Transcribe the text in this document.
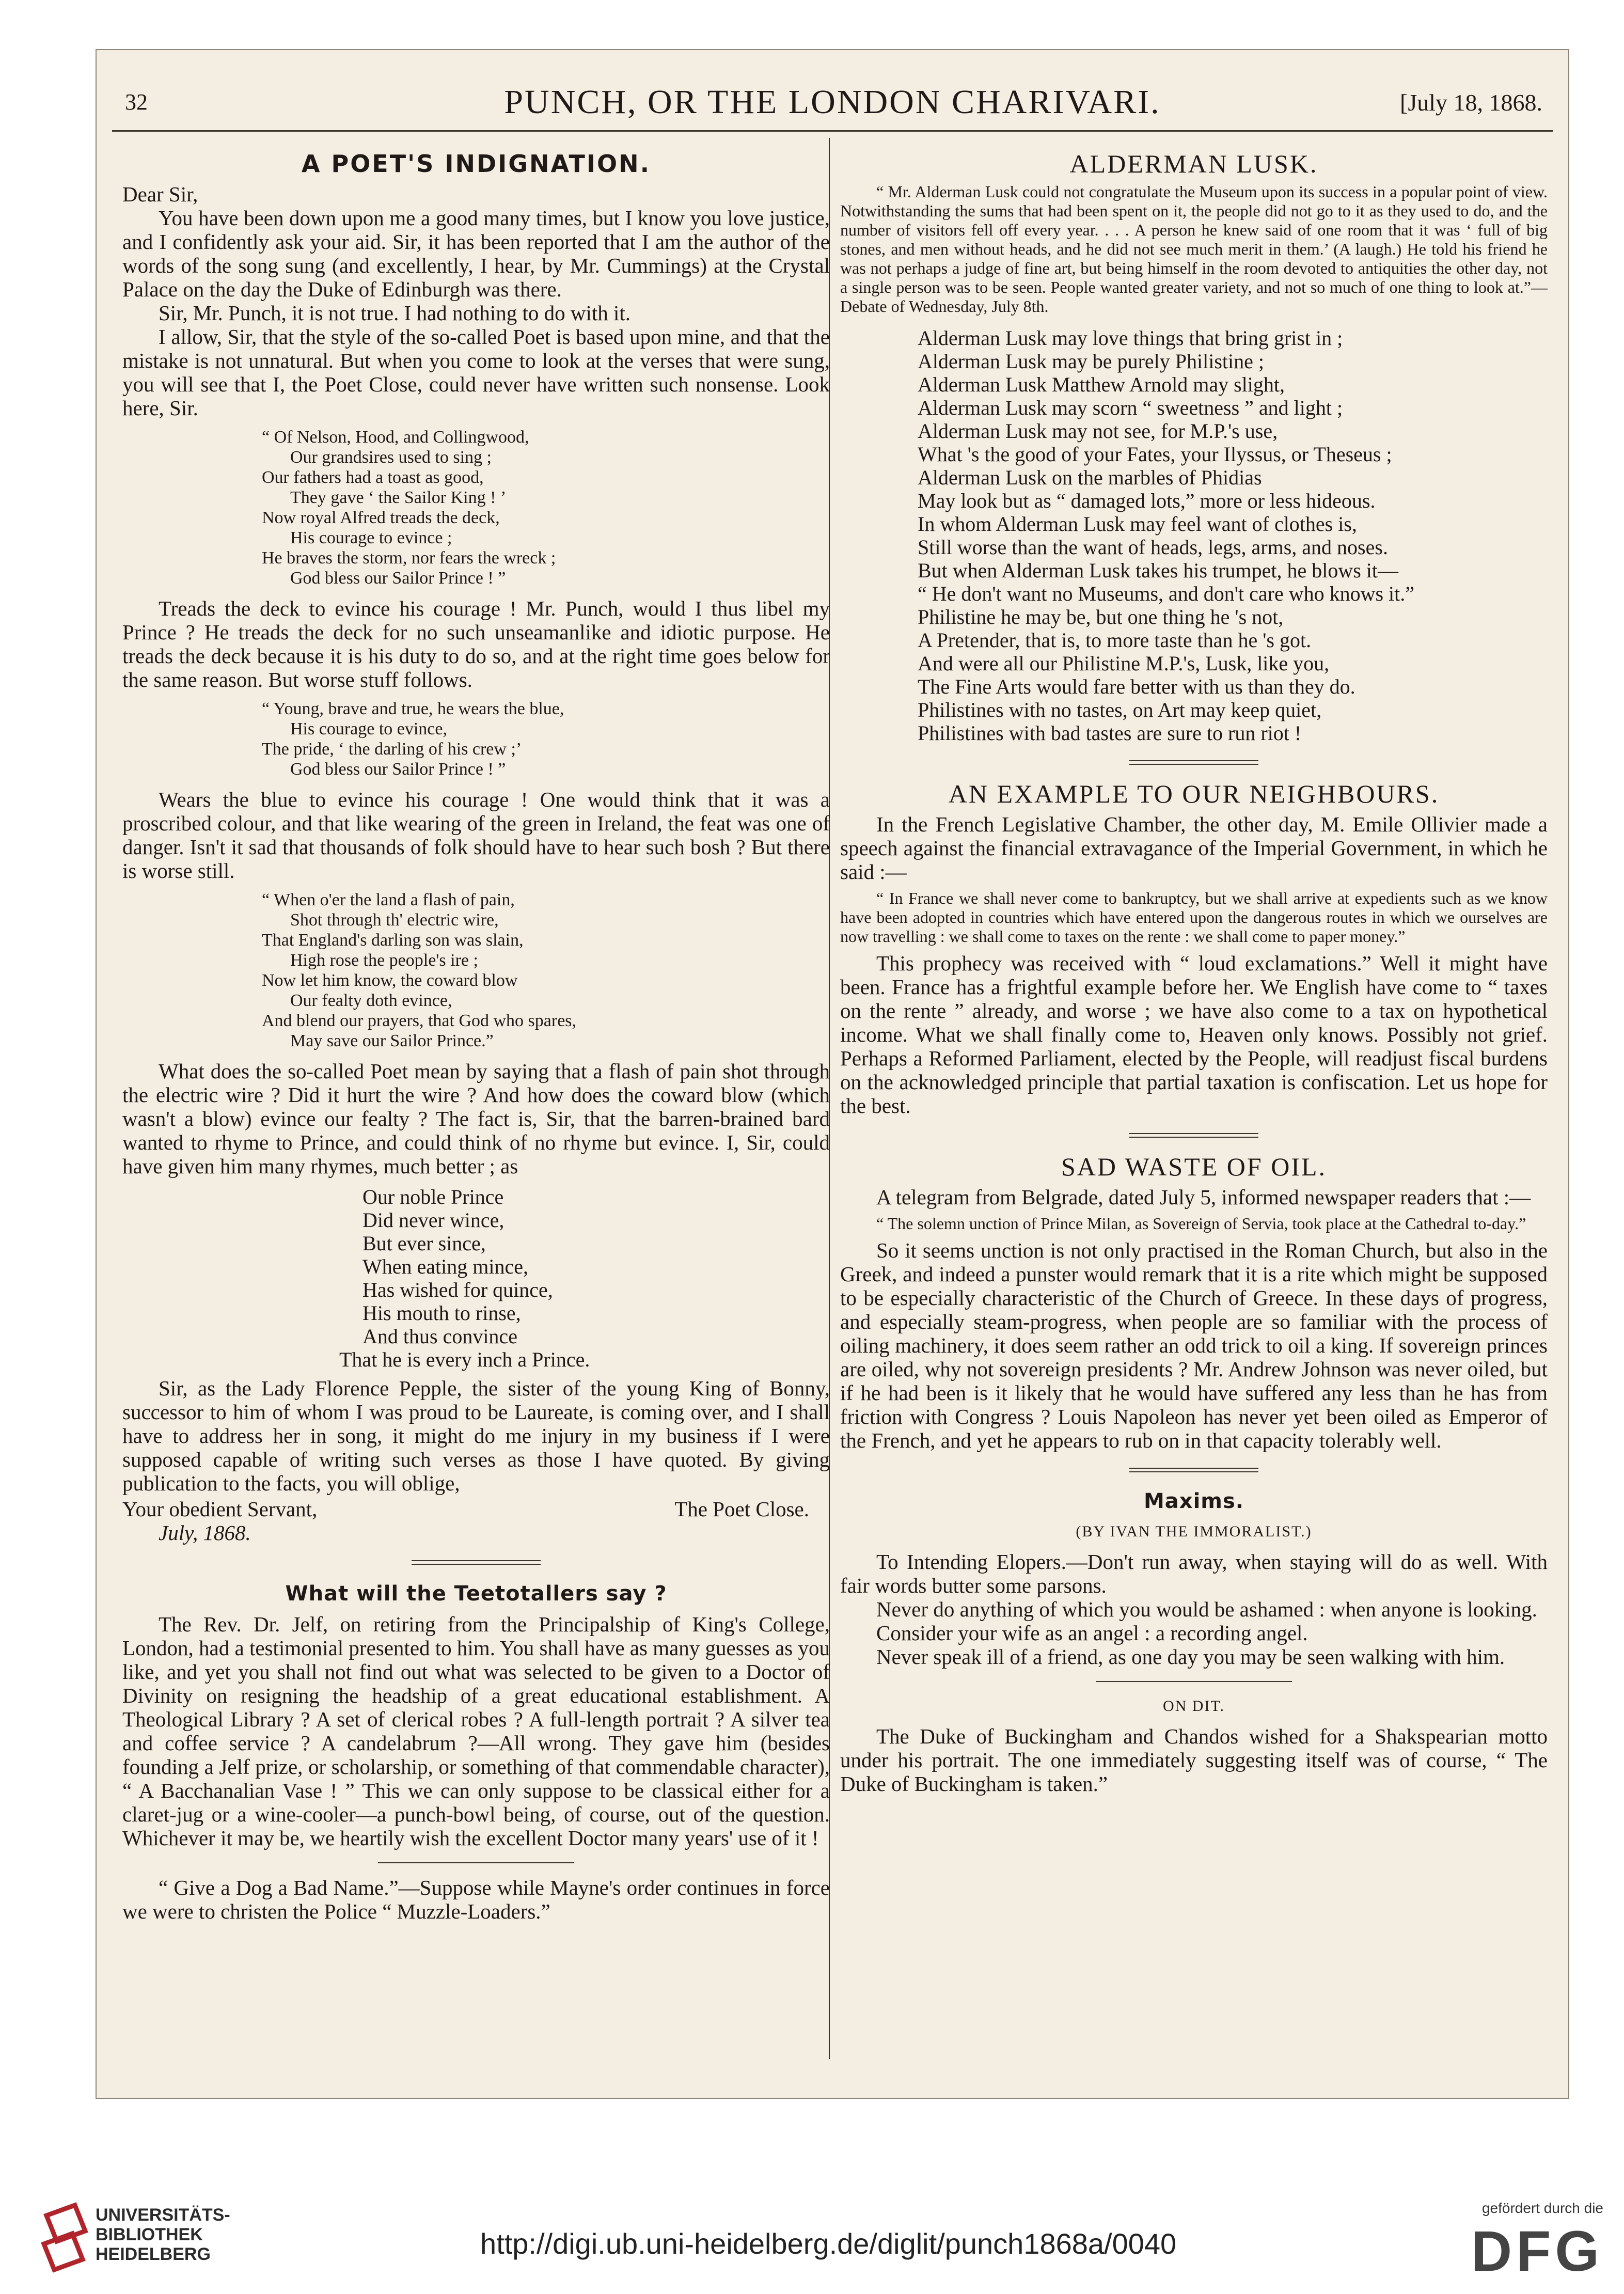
32	PUNCH, OR THE LONDON CHARIVARI.	[July 18, 1868.
A POET'S INDIGNATION.

Dear Sir,

You have been down upon me a good many times, but I know you love justice, and I confidently ask your aid. Sir, it has been reported that I am the author of the words of the song sung (and excellently, I hear, by Mr. Cummings) at the Crystal Palace on the day the Duke of Edinburgh was there.

Sir, Mr. Punch, it is not true. I had nothing to do with it.

I allow, Sir, that the style of the so-called Poet is based upon mine, and that the mistake is not unnatural. But when you come to look at the verses that were sung, you will see that I, the Poet Close, could never have written such nonsense. Look here, Sir.

“ Of Nelson, Hood, and Collingwood,
Our grandsires used to sing ;
Our fathers had a toast as good,
They gave ‘ the Sailor King ! ’
Now royal Alfred treads the deck,
His courage to evince ;
He braves the storm, nor fears the wreck ;
God bless our Sailor Prince ! ”

Treads the deck to evince his courage ! Mr. Punch, would I thus libel my Prince ? He treads the deck for no such unseamanlike and idiotic purpose. He treads the deck because it is his duty to do so, and at the right time goes below for the same reason. But worse stuff follows.

“ Young, brave and true, he wears the blue,
His courage to evince,
The pride, ‘ the darling of his crew ;’
God bless our Sailor Prince ! ”

Wears the blue to evince his courage ! One would think that it was a proscribed colour, and that like wearing of the green in Ireland, the feat was one of danger. Isn't it sad that thousands of folk should have to hear such bosh ? But there is worse still.

“ When o'er the land a flash of pain,
Shot through th' electric wire,
That England's darling son was slain,
High rose the people's ire ;
Now let him know, the coward blow
Our fealty doth evince,
And blend our prayers, that God who spares,
May save our Sailor Prince.”

What does the so-called Poet mean by saying that a flash of pain shot through the electric wire ? Did it hurt the wire ? And how does the coward blow (which wasn't a blow) evince our fealty ? The fact is, Sir, that the barren-brained bard wanted to rhyme to Prince, and could think of no rhyme but evince. I, Sir, could have given him many rhymes, much better ; as

Our noble Prince
Did never wince,
But ever since,
When eating mince,
Has wished for quince,
His mouth to rinse,
And thus convince
That he is every inch a Prince.

Sir, as the Lady Florence Pepple, the sister of the young King of Bonny, successor to him of whom I was proud to be Laureate, is coming over, and I shall have to address her in song, it might do me injury in my business if I were supposed capable of writing such verses as those I have quoted. By giving publication to the facts, you will oblige,

Your obedient Servant,	The Poet Close.

July, 1868.

What will the Teetotallers say ?

The Rev. Dr. Jelf, on retiring from the Principalship of King's College, London, had a testimonial presented to him. You shall have as many guesses as you like, and yet you shall not find out what was selected to be given to a Doctor of Divinity on resigning the headship of a great educational establishment. A Theological Library ? A set of clerical robes ? A full-length portrait ? A silver tea and coffee service ? A candelabrum ?—All wrong. They gave him (besides founding a Jelf prize, or scholarship, or something of that commendable character), “ A Bacchanalian Vase ! ” This we can only suppose to be classical either for a claret-jug or a wine-cooler—a punch-bowl being, of course, out of the question. Whichever it may be, we heartily wish the excellent Doctor many years' use of it !

“ Give a Dog a Bad Name.”—Suppose while Mayne's order continues in force we were to christen the Police “ Muzzle-Loaders.”

ALDERMAN LUSK.

“ Mr. Alderman Lusk could not congratulate the Museum upon its success in a popular point of view. Notwithstanding the sums that had been spent on it, the people did not go to it as they used to do, and the number of visitors fell off every year. . . . A person he knew said of one room that it was ‘ full of big stones, and men without heads, and he did not see much merit in them.’ (A laugh.) He told his friend he was not perhaps a judge of fine art, but being himself in the room devoted to antiquities the other day, not a single person was to be seen. People wanted greater variety, and not so much of one thing to look at.”—Debate of Wednesday, July 8th.

Alderman Lusk may love things that bring grist in ;
Alderman Lusk may be purely Philistine ;
Alderman Lusk Matthew Arnold may slight,
Alderman Lusk may scorn “ sweetness ” and light ;
Alderman Lusk may not see, for M.P.'s use,
What 's the good of your Fates, your Ilyssus, or Theseus ;
Alderman Lusk on the marbles of Phidias
May look but as “ damaged lots,” more or less hideous.
In whom Alderman Lusk may feel want of clothes is,
Still worse than the want of heads, legs, arms, and noses.
But when Alderman Lusk takes his trumpet, he blows it—
“ He don't want no Museums, and don't care who knows it.”
Philistine he may be, but one thing he 's not,
A Pretender, that is, to more taste than he 's got.
And were all our Philistine M.P.'s, Lusk, like you,
The Fine Arts would fare better with us than they do.
Philistines with no tastes, on Art may keep quiet,
Philistines with bad tastes are sure to run riot !
AN EXAMPLE TO OUR NEIGHBOURS.

In the French Legislative Chamber, the other day, M. Emile Ollivier made a speech against the financial extravagance of the Imperial Government, in which he said :—

“ In France we shall never come to bankruptcy, but we shall arrive at expedients such as we know have been adopted in countries which have entered upon the dangerous routes in which we ourselves are now travelling : we shall come to taxes on the rente : we shall come to paper money.”

This prophecy was received with “ loud exclamations.” Well it might have been. France has a frightful example before her. We English have come to “ taxes on the rente ” already, and worse ; we have also come to a tax on hypothetical income. What we shall finally come to, Heaven only knows. Possibly not grief. Perhaps a Reformed Parliament, elected by the People, will readjust fiscal burdens on the acknowledged principle that partial taxation is confiscation. Let us hope for the best.

SAD WASTE OF OIL.

A telegram from Belgrade, dated July 5, informed newspaper readers that :—

“ The solemn unction of Prince Milan, as Sovereign of Servia, took place at the Cathedral to-day.”

So it seems unction is not only practised in the Roman Church, but also in the Greek, and indeed a punster would remark that it is a rite which might be supposed to be especially characteristic of the Church of Greece. In these days of progress, and especially steam-progress, when people are so familiar with the process of oiling machinery, it does seem rather an odd trick to oil a king. If sovereign princes are oiled, why not sovereign presidents ? Mr. Andrew Johnson was never oiled, but if he had been is it likely that he would have suffered any less than he has from friction with Congress ? Louis Napoleon has never yet been oiled as Emperor of the French, and yet he appears to rub on in that capacity tolerably well.

Maxims.
(BY IVAN THE IMMORALIST.)

To Intending Elopers.—Don't run away, when staying will do as well. With fair words butter some parsons.

Never do anything of which you would be ashamed : when anyone is looking.

Consider your wife as an angel : a recording angel.

Never speak ill of a friend, as one day you may be seen walking with him.

ON DIT.

The Duke of Buckingham and Chandos wished for a Shakspearian motto under his portrait. The one immediately suggesting itself was of course, “ The Duke of Buckingham is taken.”

UNIVERSITÄTS-
BIBLIOTHEK
HEIDELBERG	http://digi.ub.uni-heidelberg.de/diglit/punch1868a/0040
gefördert durch die
DFG
